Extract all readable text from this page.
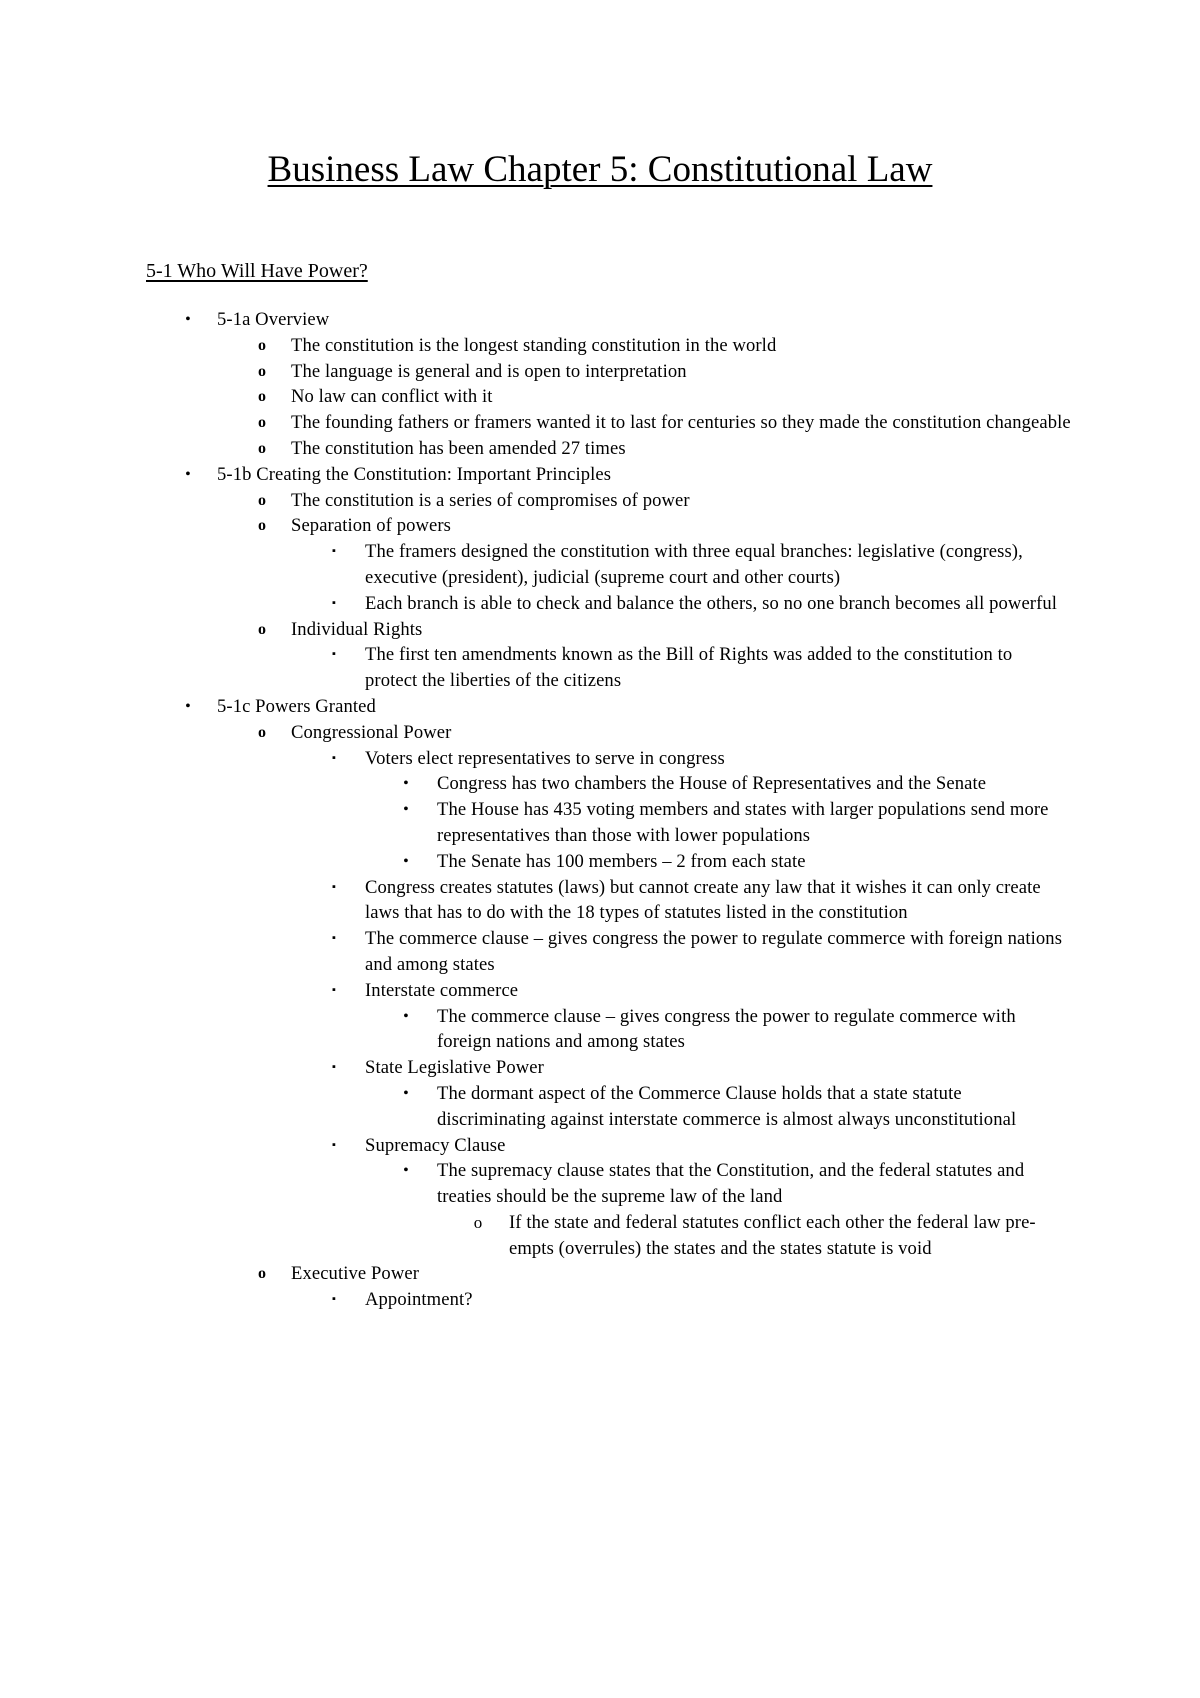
Business Law Chapter 5: Constitutional Law
5-1 Who Will Have Power?
•	5-1a Overview
o	The constitution is the longest standing constitution in the world
o	The language is general and is open to interpretation
o	No law can conflict with it
o	The founding fathers or framers wanted it to last for centuries so they made the constitution changeable
o	The constitution has been amended 27 times
•	5-1b Creating the Constitution: Important Principles
o	The constitution is a series of compromises of power
o	Separation of powers
▪	The framers designed the constitution with three equal branches: legislative (congress), executive (president), judicial (supreme court and other courts)
▪	Each branch is able to check and balance the others, so no one branch becomes all powerful
o	Individual Rights
▪	The first ten amendments known as the Bill of Rights was added to the constitution to protect the liberties of the citizens
•	5-1c Powers Granted
o	Congressional Power
▪	Voters elect representatives to serve in congress
•	Congress has two chambers the House of Representatives and the Senate
•	The House has 435 voting members and states with larger populations send more representatives than those with lower populations
•	The Senate has 100 members – 2 from each state
▪	Congress creates statutes (laws) but cannot create any law that it wishes it can only create laws that has to do with the 18 types of statutes listed in the constitution
▪	The commerce clause – gives congress the power to regulate commerce with foreign nations and among states
▪	Interstate commerce
•	The commerce clause – gives congress the power to regulate commerce with foreign nations and among states
▪	State Legislative Power
•	The dormant aspect of the Commerce Clause holds that a state statute discriminating against interstate commerce is almost always unconstitutional
▪	Supremacy Clause
•	The supremacy clause states that the Constitution, and the federal statutes and treaties should be the supreme law of the land
o	If the state and federal statutes conflict each other the federal law pre-empts (overrules) the states and the states statute is void
o	Executive Power
▪	Appointment?
